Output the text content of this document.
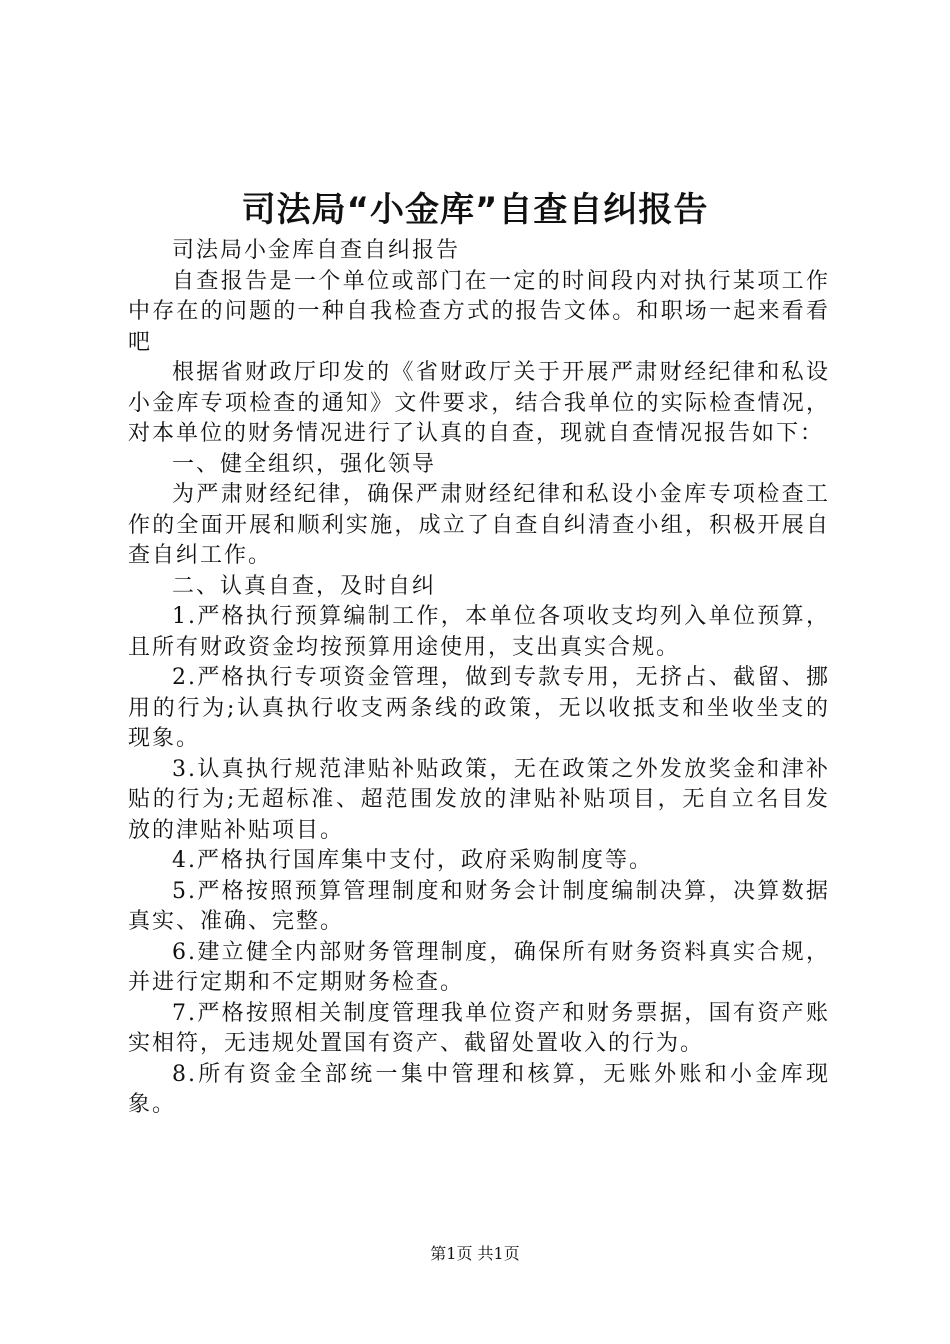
司法局“小金库”自查自纠报告

司法局小金库自查自纠报告

自查报告是一个单位或部门在一定的时间段内对执行某项工作中存在的问题的一种自我检查方式的报告文体。和职场一起来看看吧

根据省财政厅印发的《省财政厅关于开展严肃财经纪律和私设小金库专项检查的通知》文件要求，结合我单位的实际检查情况，对本单位的财务情况进行了认真的自查，现就自查情况报告如下：

一、健全组织，强化领导

为严肃财经纪律，确保严肃财经纪律和私设小金库专项检查工作的全面开展和顺利实施，成立了自查自纠清查小组，积极开展自查自纠工作。

二、认真自查，及时自纠

1.严格执行预算编制工作，本单位各项收支均列入单位预算，且所有财政资金均按预算用途使用，支出真实合规。

2.严格执行专项资金管理，做到专款专用，无挤占、截留、挪用的行为;认真执行收支两条线的政策，无以收抵支和坐收坐支的现象。

3.认真执行规范津贴补贴政策，无在政策之外发放奖金和津补贴的行为;无超标准、超范围发放的津贴补贴项目，无自立名目发放的津贴补贴项目。

4.严格执行国库集中支付，政府采购制度等。

5.严格按照预算管理制度和财务会计制度编制决算，决算数据真实、准确、完整。

6.建立健全内部财务管理制度，确保所有财务资料真实合规，并进行定期和不定期财务检查。

7.严格按照相关制度管理我单位资产和财务票据，国有资产账实相符，无违规处置国有资产、截留处置收入的行为。

8.所有资金全部统一集中管理和核算，无账外账和小金库现象。

第1页 共1页
